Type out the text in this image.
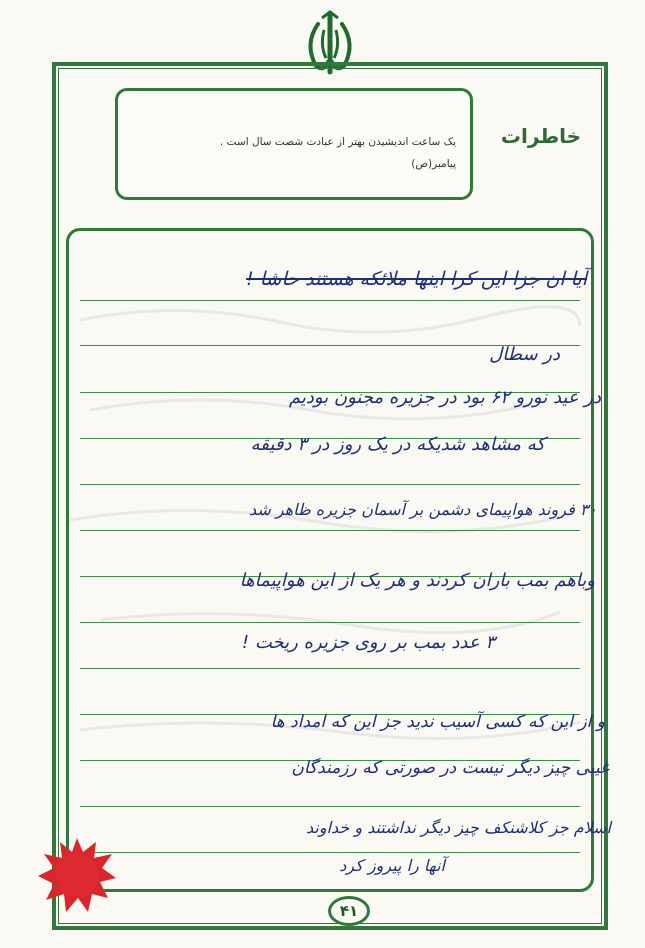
یک ساعت اندیشیدن بهتر از عبادت شصت سال است .
پیامبر(ص)
خاطرات
آیا ان جزا این کرا اینها ملائکه هستند حاشا !
در سطال
در عید نورو ۶۲ بود در جزیره مجنون بودیم
که مشاهد شدیکه در یک روز در ۳ دقیقه
۳۰ فروند هواپیمای دشمن بر آسمان جزیره ظاهر شد
وباهم بمب باران کردند و هر یک از این هواپیماها
۳ عدد بمب بر روی جزیره ریخت !
و از این که کسی آسیب ندید جز این که امداد ها
غیبی چیز دیگر نیست در صورتی که رزمندگان
اسلام جز کلاشنکف چیز دیگر نداشتند و خداوند
آنها را پیروز کرد
۴۱
